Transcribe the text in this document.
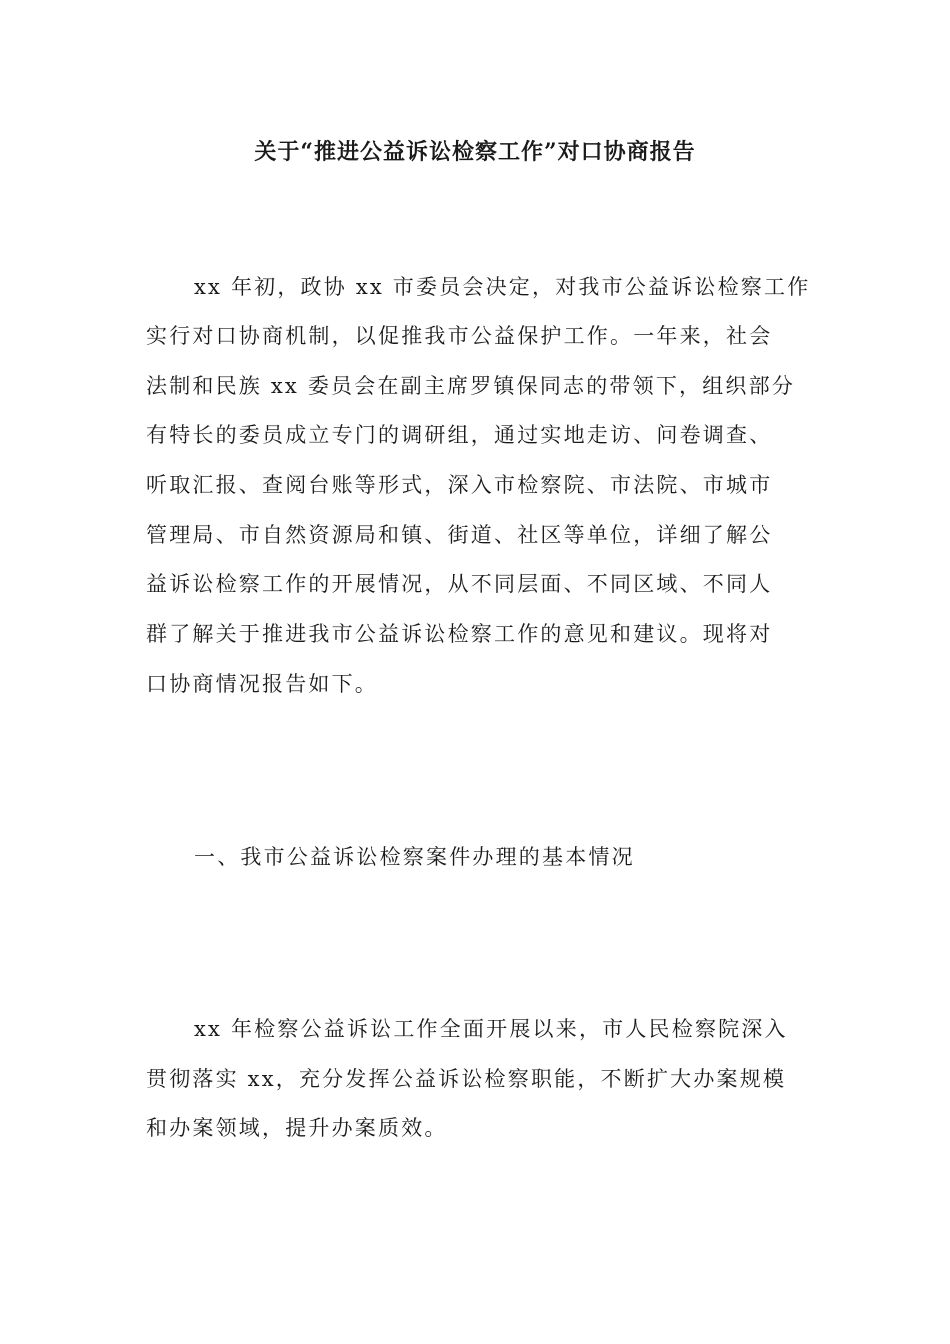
关于“推进公益诉讼检察工作”对口协商报告
xx 年初，政协 xx 市委员会决定，对我市公益诉讼检察工作
实行对口协商机制，以促推我市公益保护工作。一年来，社会
法制和民族 xx 委员会在副主席罗镇保同志的带领下，组织部分
有特长的委员成立专门的调研组，通过实地走访、问卷调查、
听取汇报、查阅台账等形式，深入市检察院、市法院、市城市
管理局、市自然资源局和镇、街道、社区等单位，详细了解公
益诉讼检察工作的开展情况，从不同层面、不同区域、不同人
群了解关于推进我市公益诉讼检察工作的意见和建议。现将对
口协商情况报告如下。
一、我市公益诉讼检察案件办理的基本情况
xx 年检察公益诉讼工作全面开展以来，市人民检察院深入
贯彻落实 xx，充分发挥公益诉讼检察职能，不断扩大办案规模
和办案领域，提升办案质效。
